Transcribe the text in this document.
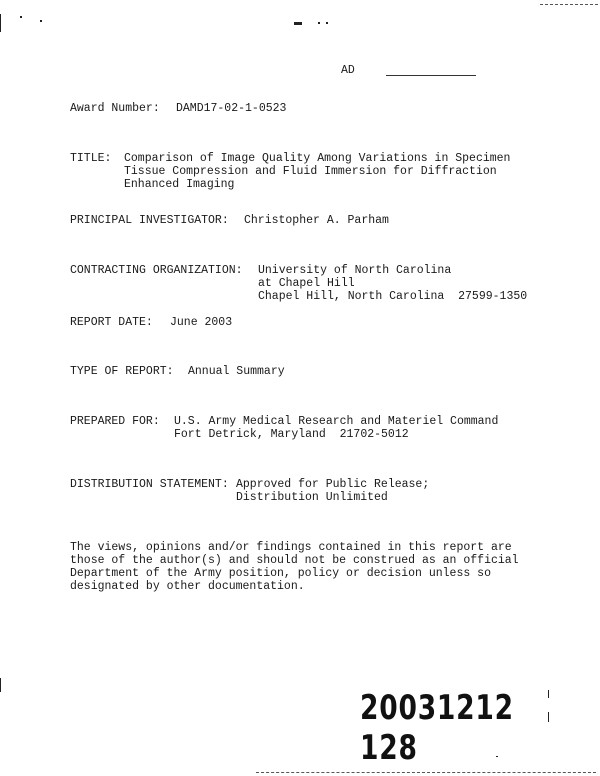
AD
Award Number: DAMD17-02-1-0523
TITLE: Comparison of Image Quality Among Variations in Specimen
Tissue Compression and Fluid Immersion for Diffraction
Enhanced Imaging
PRINCIPAL INVESTIGATOR: Christopher A. Parham
CONTRACTING ORGANIZATION: University of North Carolina
at Chapel Hill
Chapel Hill, North Carolina  27599-1350
REPORT DATE: June 2003
TYPE OF REPORT: Annual Summary
PREPARED FOR: U.S. Army Medical Research and Materiel Command
Fort Detrick, Maryland  21702-5012
DISTRIBUTION STATEMENT: Approved for Public Release;
Distribution Unlimited
The views, opinions and/or findings contained in this report are
those of the author(s) and should not be construed as an official
Department of the Army position, policy or decision unless so
designated by other documentation.
20031212 128
